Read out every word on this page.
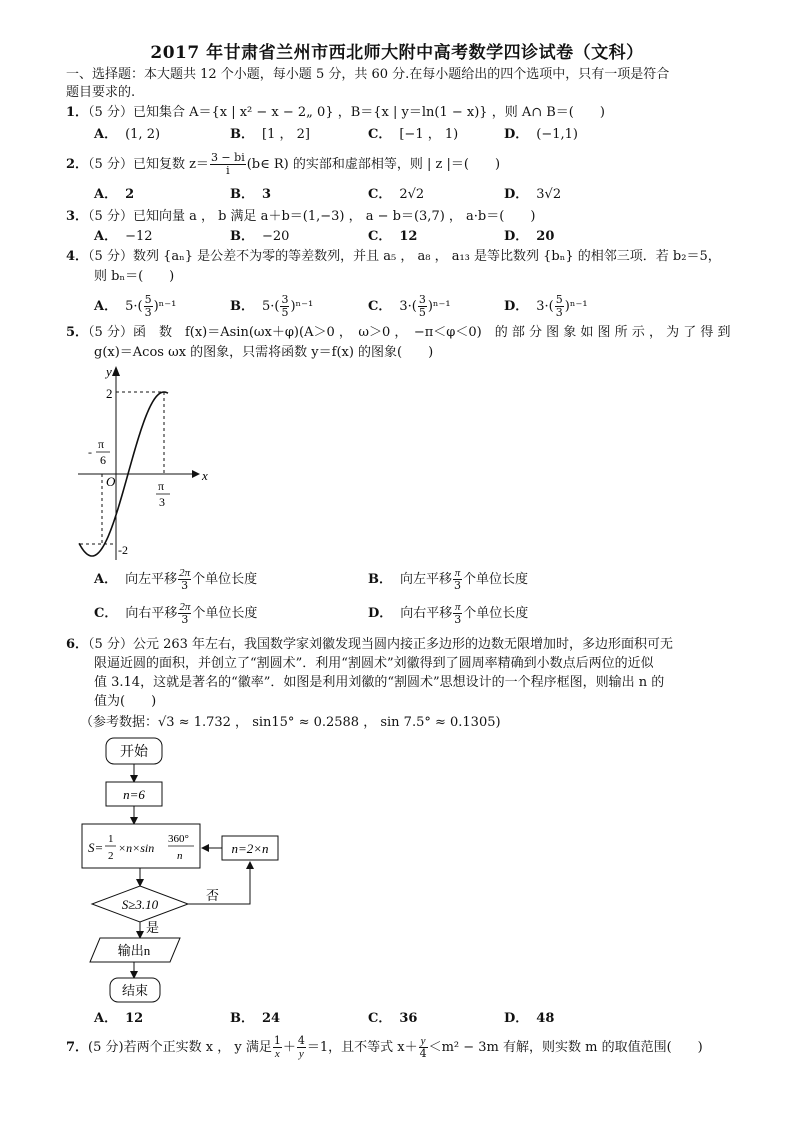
2017 年甘肃省兰州市西北师大附中高考数学四诊试卷（文科）
一、选择题：本大题共 12 个小题，每小题 5 分，共 60 分.在每小题给出的四个选项中，只有一项是符合
题目要求的.
1．（5 分）已知集合 A＝{x | x² − x − 2„ 0} ，B＝{x | y＝ln(1 − x)} ，则 A∩ B＝(　　)
A． (1, 2)	B． [1 ， 2]	C． [−1 ， 1)	D． (−1,1)
2．（5 分）已知复数 $z= \frac{3 - bi}{i}$ (b∈ R) 的实部和虚部相等，则 | z |＝(　　)
A． 2	B． 3	C． 2√2	D． 3√2
3．（5 分）已知向量 a ， b 满足 a＋b＝(1,−3) ， a − b＝(3,7) ， a·b＝(　　)
A． −12	B． −20	C． 12	D． 20
4．（5 分）数列 {aₙ} 是公差不为零的等差数列，并且 a₅ ， a₈ ， a₁₃ 是等比数列 {bₙ} 的相邻三项．若 b₂＝5，
则 bₙ＝(　　)
A． $5\cdot( \frac{5}{3} )^{n-1}$	B． $5\cdot( \frac{3}{5} )^{n-1}$	C． $3\cdot( \frac{3}{5} )^{n-1}$	D． $3\cdot( \frac{5}{3} )^{n-1}$
5．（5 分）函　数　f(x)＝Asin(ωx＋φ)(A＞0 ，　ω＞0 ，　−π＜φ＜0)　的 部 分 图 象 如 图 所 示 ， 为 了 得 到
g(x)＝Acos ωx 的图象，只需将函数 y＝f(x) 的图象(　　)
y
x
O
2
-2
π
6
-
π
3
A． 向左平移 $\frac{2\pi}{3}$ 个单位长度	B． 向左平移 $\frac{\pi}{3}$ 个单位长度
C． 向右平移 $\frac{2\pi}{3}$ 个单位长度	D． 向右平移 $\frac{\pi}{3}$ 个单位长度
6．（5 分）公元 263 年左右，我国数学家刘徽发现当圆内接正多边形的边数无限增加时，多边形面积可无
限逼近圆的面积，并创立了“割圆术”．利用“割圆术”刘徽得到了圆周率精确到小数点后两位的近似
值 3.14，这就是著名的“徽率”．如图是利用刘徽的“割圆术”思想设计的一个程序框图，则输出 n 的
值为(　　)
（参考数据：√3 ≈ 1.732 ， sin15° ≈ 0.2588 ， sin 7.5° ≈ 0.1305)
开始
n=6
S=
1
2
×n×sin
360°
n	n=2×n
S≥3.10
否
是
输出n
结束
A． 12	B． 24	C． 36	D． 48
7．(5 分)若两个正实数 x ， y 满足 $\frac{1}{x} + \frac{4}{y} =1$，且不等式 $x+ \frac{y}{4} <m^2 - 3m$ 有解，则实数 m 的取值范围(　　)
